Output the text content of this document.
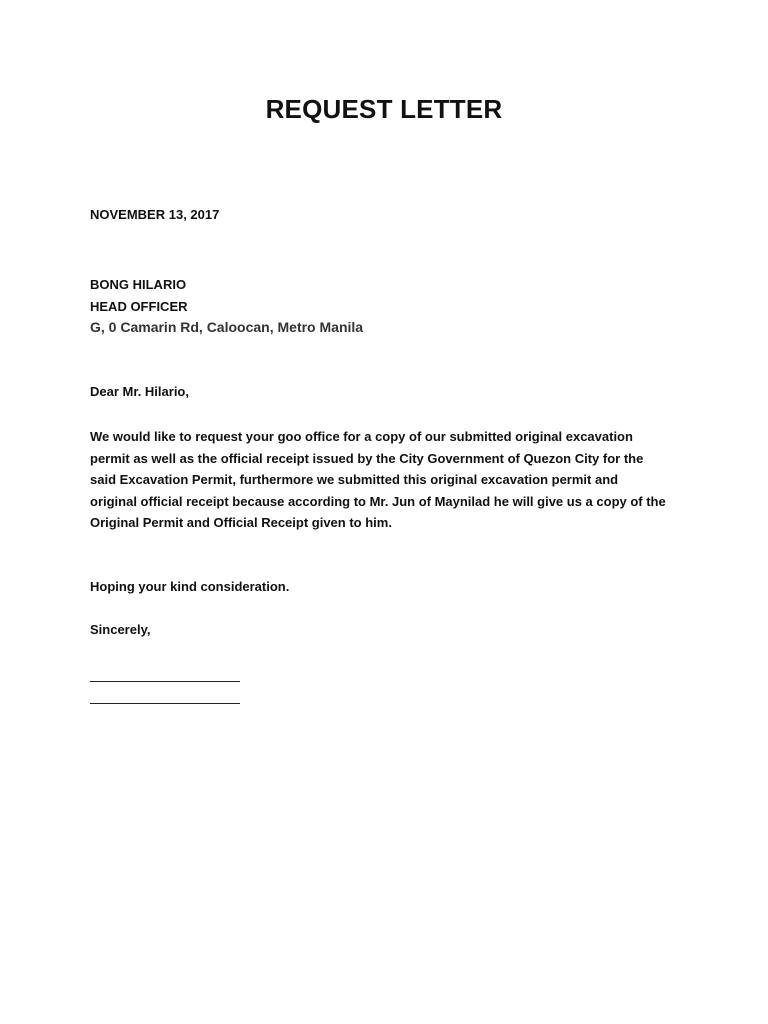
REQUEST LETTER

NOVEMBER 13, 2017

BONG HILARIO

HEAD OFFICER

G, 0 Camarin Rd, Caloocan, Metro Manila

Dear Mr. Hilario,

We would like to request your goo office for a copy of our submitted original excavation
permit as well as the official receipt issued by the City Government of Quezon City for the
said Excavation Permit, furthermore we submitted this original excavation permit and
original official receipt because according to Mr. Jun of Maynilad he will give us a copy of the
Original Permit and Official Receipt given to him.

Hoping your kind consideration.

Sincerely,
